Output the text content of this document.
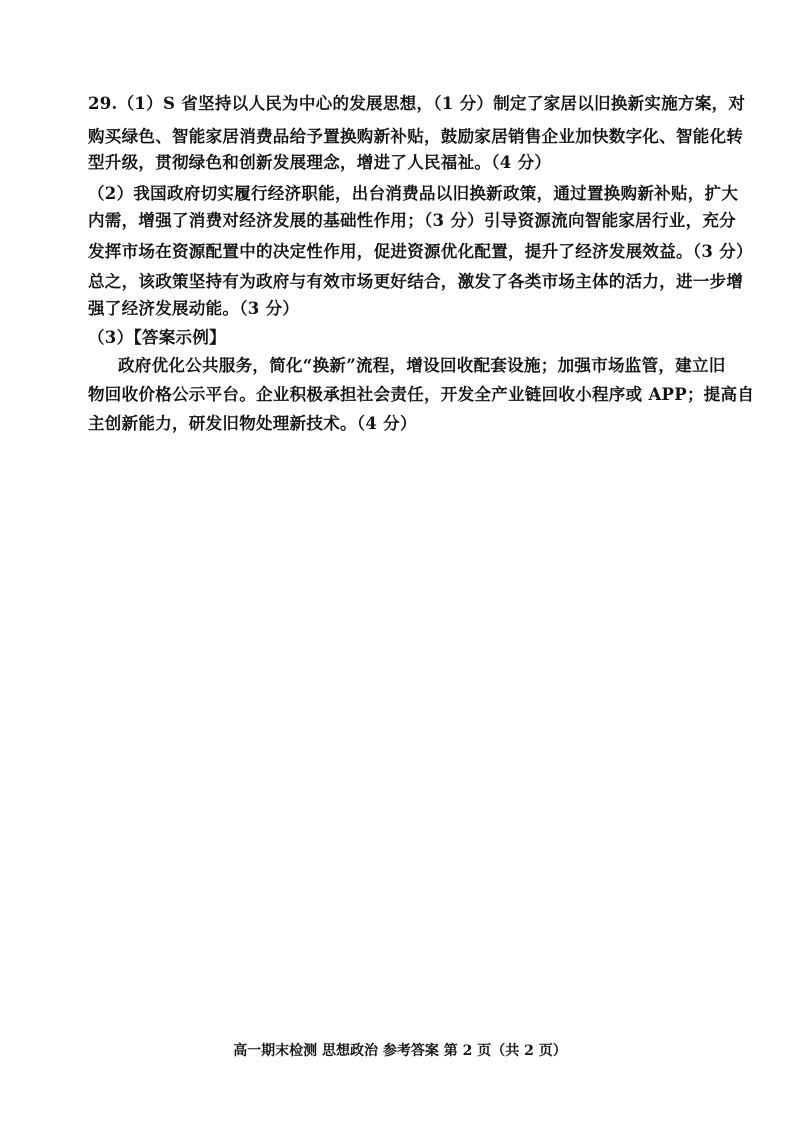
29.（1）S 省坚持以人民为中心的发展思想，（1 分）制定了家居以旧换新实施方案，对
购买绿色、智能家居消费品给予置换购新补贴，鼓励家居销售企业加快数字化、智能化转
型升级，贯彻绿色和创新发展理念，增进了人民福祉。（4 分）
（2）我国政府切实履行经济职能，出台消费品以旧换新政策，通过置换购新补贴，扩大
内需，增强了消费对经济发展的基础性作用；（3 分）引导资源流向智能家居行业，充分
发挥市场在资源配置中的决定性作用，促进资源优化配置，提升了经济发展效益。（3 分）
总之，该政策坚持有为政府与有效市场更好结合，激发了各类市场主体的活力，进一步增
强了经济发展动能。（3 分）
（3）【答案示例】
政府优化公共服务，简化“换新”流程，增设回收配套设施；加强市场监管，建立旧
物回收价格公示平台。企业积极承担社会责任，开发全产业链回收小程序或 APP；提高自
主创新能力，研发旧物处理新技术。（4 分）
高一期末检测 思想政治 参考答案 第 2 页（共 2 页）
